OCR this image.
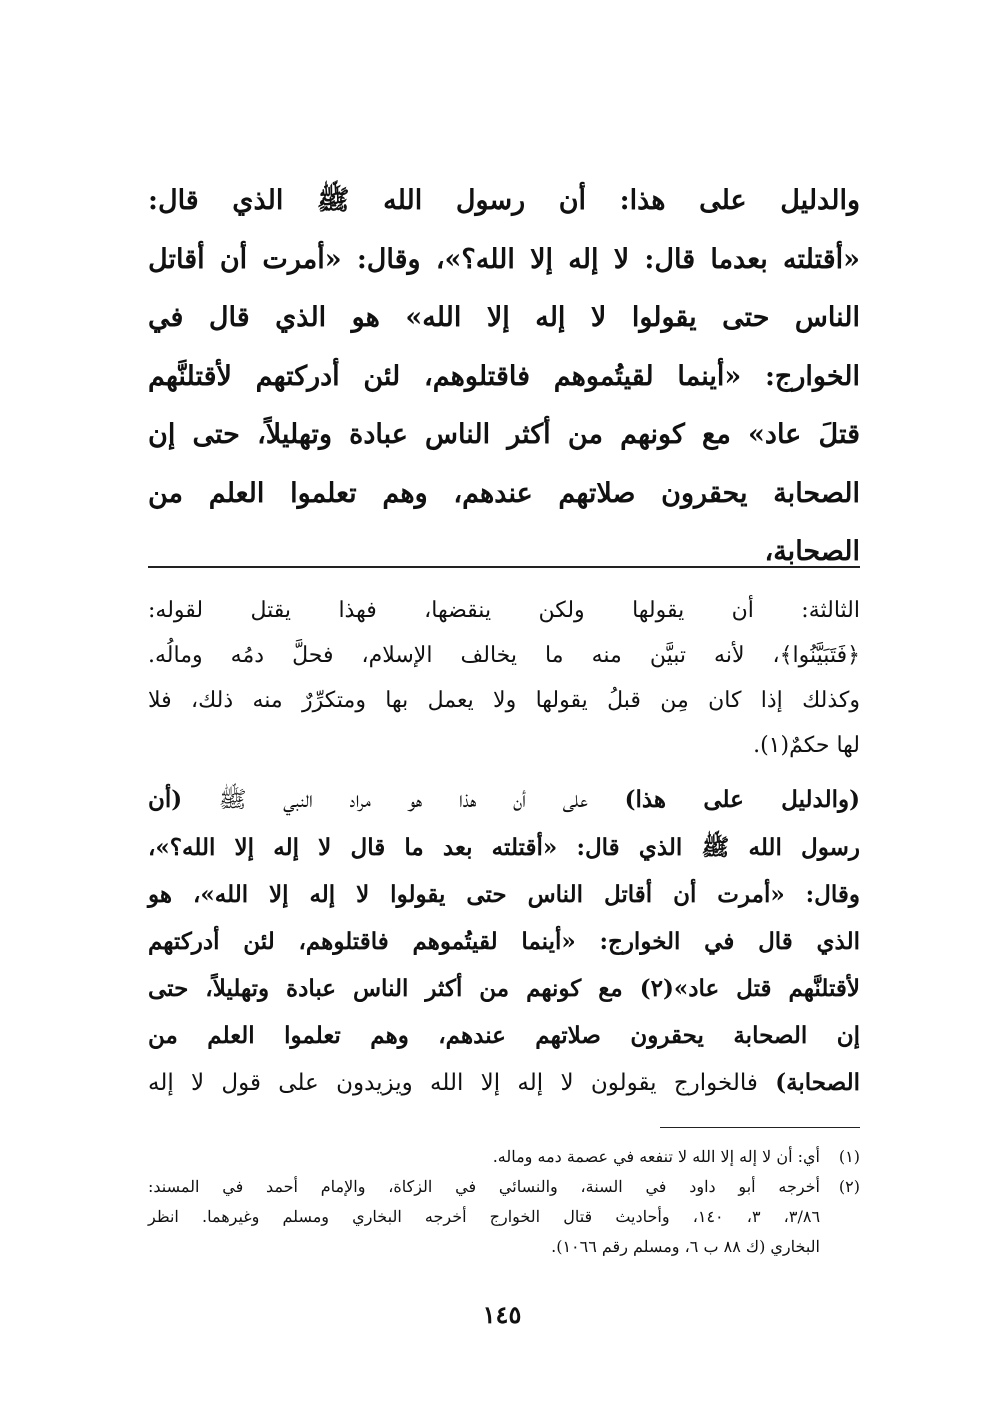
والدليل على هذا: أن رسول الله ﷺ الذي قال:
«أقتلته بعدما قال: لا إله إلا الله؟»، وقال: «أمرت أن أقاتل
الناس حتى يقولوا لا إله إلا الله» هو الذي قال في
الخوارج: «أينما لقيتُموهم فاقتلوهم، لئن أدركتهم لأقتلنَّهم
قتلَ عاد» مع كونهم من أكثر الناس عبادة وتهليلاً، حتى إن
الصحابة يحقرون صلاتهم عندهم، وهم تعلموا العلم من
الصحابة،
الثالثة: أن يقولها ولكن ينقضها، فهذا يقتل لقوله:
﴿فَتَبَيَّنُوا﴾، لأنه تبيَّن منه ما يخالف الإسلام، فحلَّ دمُه ومالُه.
وكذلك إذا كان مِن قبلُ يقولها ولا يعمل بها ومتكرِّرٌ منه ذلك، فلا
لها حكمٌ(١).
(والدليل على هذا) على أن هذا هو مراد النبي ﷺ (أن
رسول الله ﷺ الذي قال: «أقتلته بعد ما قال لا إله إلا الله؟»،
وقال: «أمرت أن أقاتل الناس حتى يقولوا لا إله إلا الله»، هو
الذي قال في الخوارج: «أينما لقيتُموهم فاقتلوهم، لئن أدركتهم
لأقتلنَّهم قتل عاد»(٢) مع كونهم من أكثر الناس عبادة وتهليلاً، حتى
إن الصحابة يحقرون صلاتهم عندهم، وهم تعلموا العلم من
الصحابة) فالخوارج يقولون لا إله إلا الله ويزيدون على قول لا إله
(١)
أي: أن لا إله إلا الله لا تنفعه في عصمة دمه وماله.
(٢)
أخرجه أبو داود في السنة، والنسائي في الزكاة، والإمام أحمد في المسند:
٣/٨٦، ٣، ١٤٠، وأحاديث قتال الخوارج أخرجه البخاري ومسلم وغيرهما. انظر
البخاري (ك ٨٨ ب ٦، ومسلم رقم ١٠٦٦).
١٤٥
